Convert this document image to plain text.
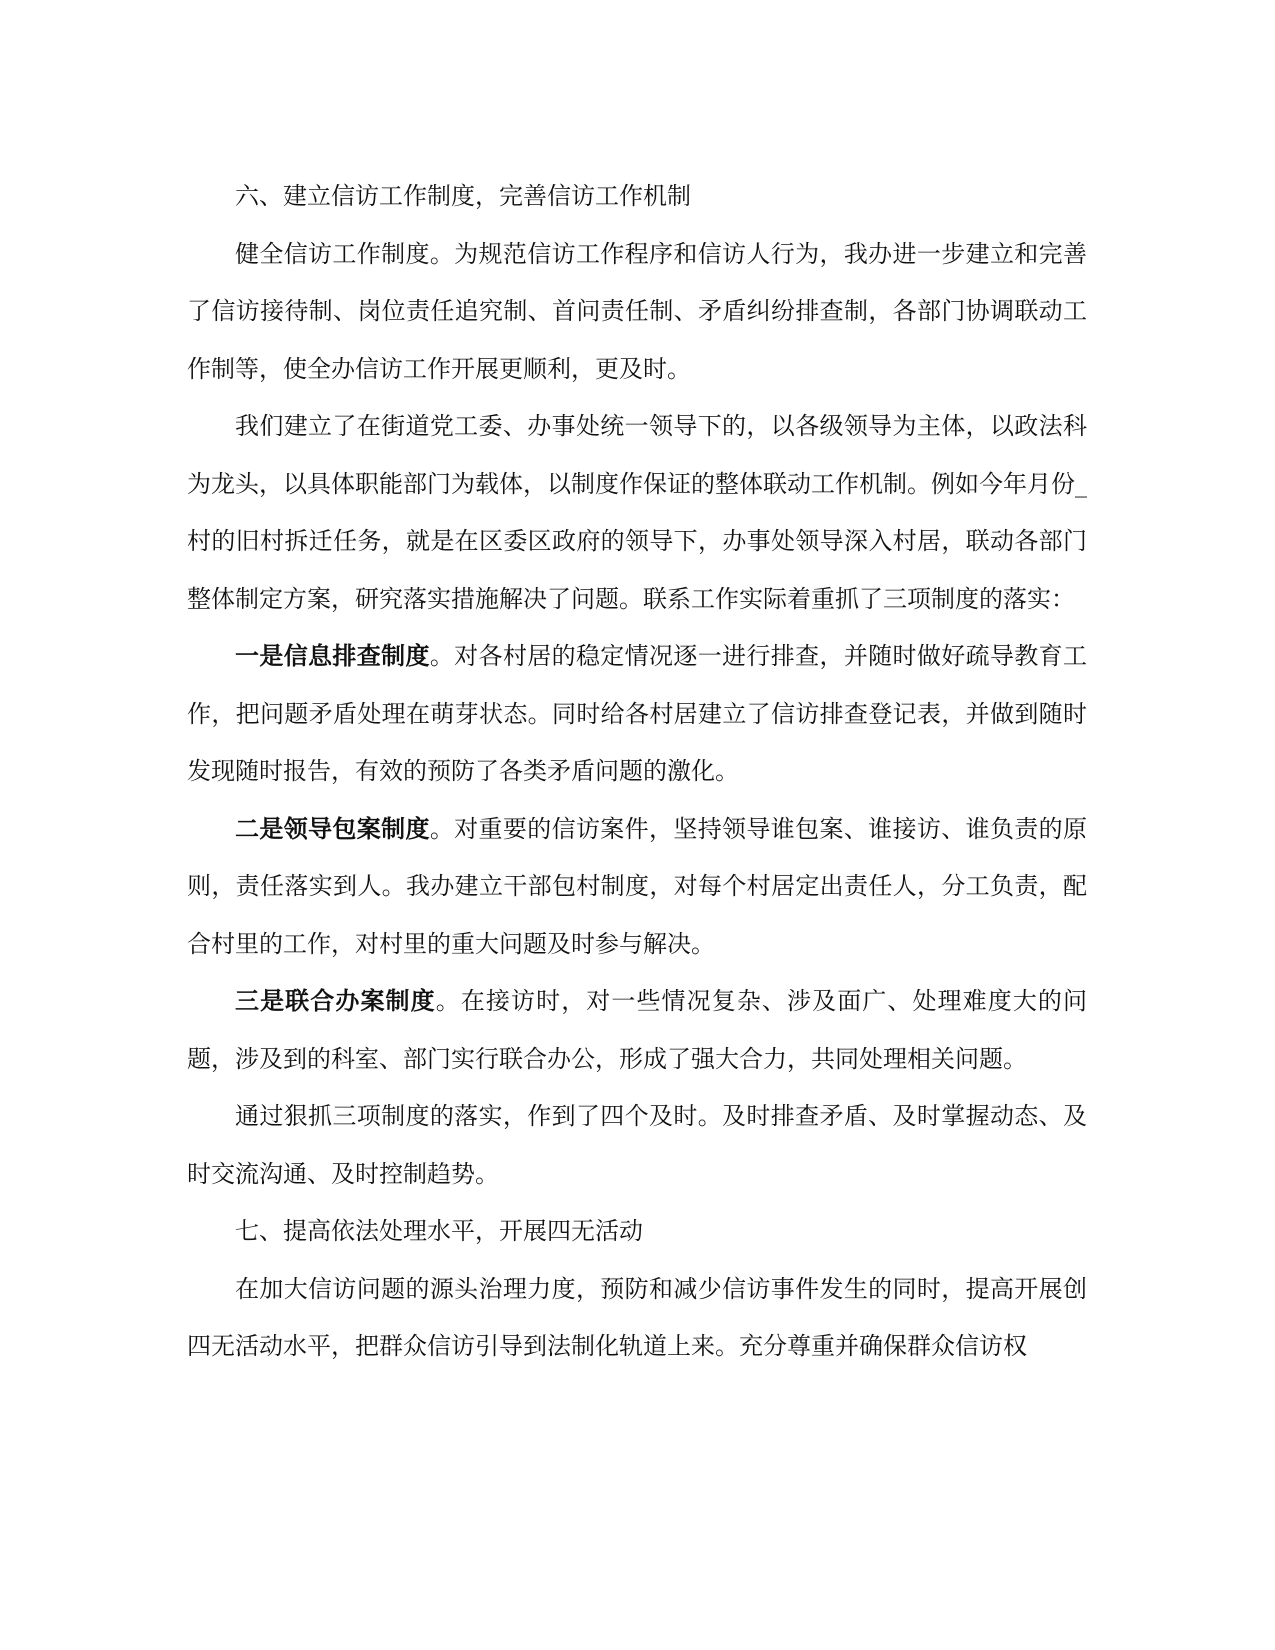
六、建立信访工作制度，完善信访工作机制

健全信访工作制度。为规范信访工作程序和信访人行为，我办进一步建立和完善了信访接待制、岗位责任追究制、首问责任制、矛盾纠纷排查制，各部门协调联动工作制等，使全办信访工作开展更顺利，更及时。

我们建立了在街道党工委、办事处统一领导下的，以各级领导为主体，以政法科为龙头，以具体职能部门为载体，以制度作保证的整体联动工作机制。例如今年月份_村的旧村拆迁任务，就是在区委区政府的领导下，办事处领导深入村居，联动各部门整体制定方案，研究落实措施解决了问题。联系工作实际着重抓了三项制度的落实：

一是信息排查制度。对各村居的稳定情况逐一进行排查，并随时做好疏导教育工作，把问题矛盾处理在萌芽状态。同时给各村居建立了信访排查登记表，并做到随时发现随时报告，有效的预防了各类矛盾问题的激化。

二是领导包案制度。对重要的信访案件，坚持领导谁包案、谁接访、谁负责的原则，责任落实到人。我办建立干部包村制度，对每个村居定出责任人，分工负责，配合村里的工作，对村里的重大问题及时参与解决。

三是联合办案制度。在接访时，对一些情况复杂、涉及面广、处理难度大的问题，涉及到的科室、部门实行联合办公，形成了强大合力，共同处理相关问题。

通过狠抓三项制度的落实，作到了四个及时。及时排查矛盾、及时掌握动态、及时交流沟通、及时控制趋势。

七、提高依法处理水平，开展四无活动

在加大信访问题的源头治理力度，预防和减少信访事件发生的同时，提高开展创四无活动水平，把群众信访引导到法制化轨道上来。充分尊重并确保群众信访权
